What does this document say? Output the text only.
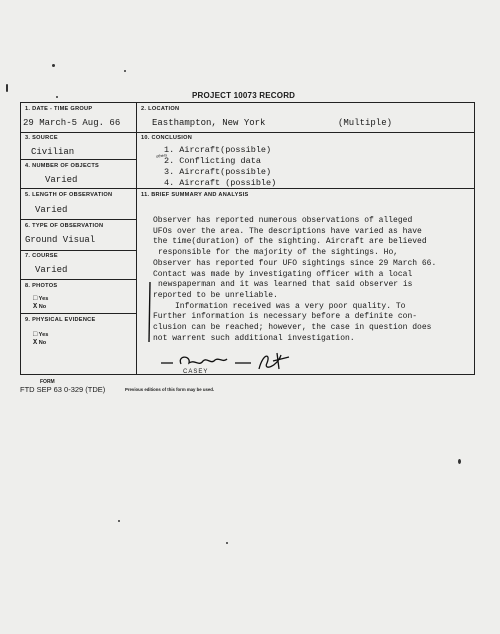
PROJECT 10073 RECORD
1. DATE - TIME GROUP
29 March-5 Aug. 66
2. LOCATION
Easthampton, New York	(Multiple)
3. SOURCE
Civilian
10. CONCLUSION
others
1. Aircraft(possible)
2. Conflicting data
3. Aircraft(possible)
4. Aircraft (possible)
4. NUMBER OF OBJECTS
Varied
5. LENGTH OF OBSERVATION
Varied
11. BRIEF SUMMARY AND ANALYSIS
6. TYPE OF OBSERVATION
Ground Visual
7. COURSE
Varied
8. PHOTOS
□ Yes
X No
9. PHYSICAL EVIDENCE
□ Yes
X No

Observer has reported numerous observations of alleged

UFOs over the area. The descriptions have varied as have

the time(duration) of the sighting. Aircraft are believed

responsible for the majority of the sightings. Ho,

Observer has reported four UFO sightings since 29 March 66.

Contact was made by investigating officer with a local

newspaperman and it was learned that said observer is

reported to be unreliable.

Information received was a very poor quality. To

Further information is necessary before a definite con-

clusion can be reached; however, the case in question does

not warrent such additional investigation.

CASEY
FORM
FTD SEP 63 0-329 (TDE)	Previous editions of this form may be used.
